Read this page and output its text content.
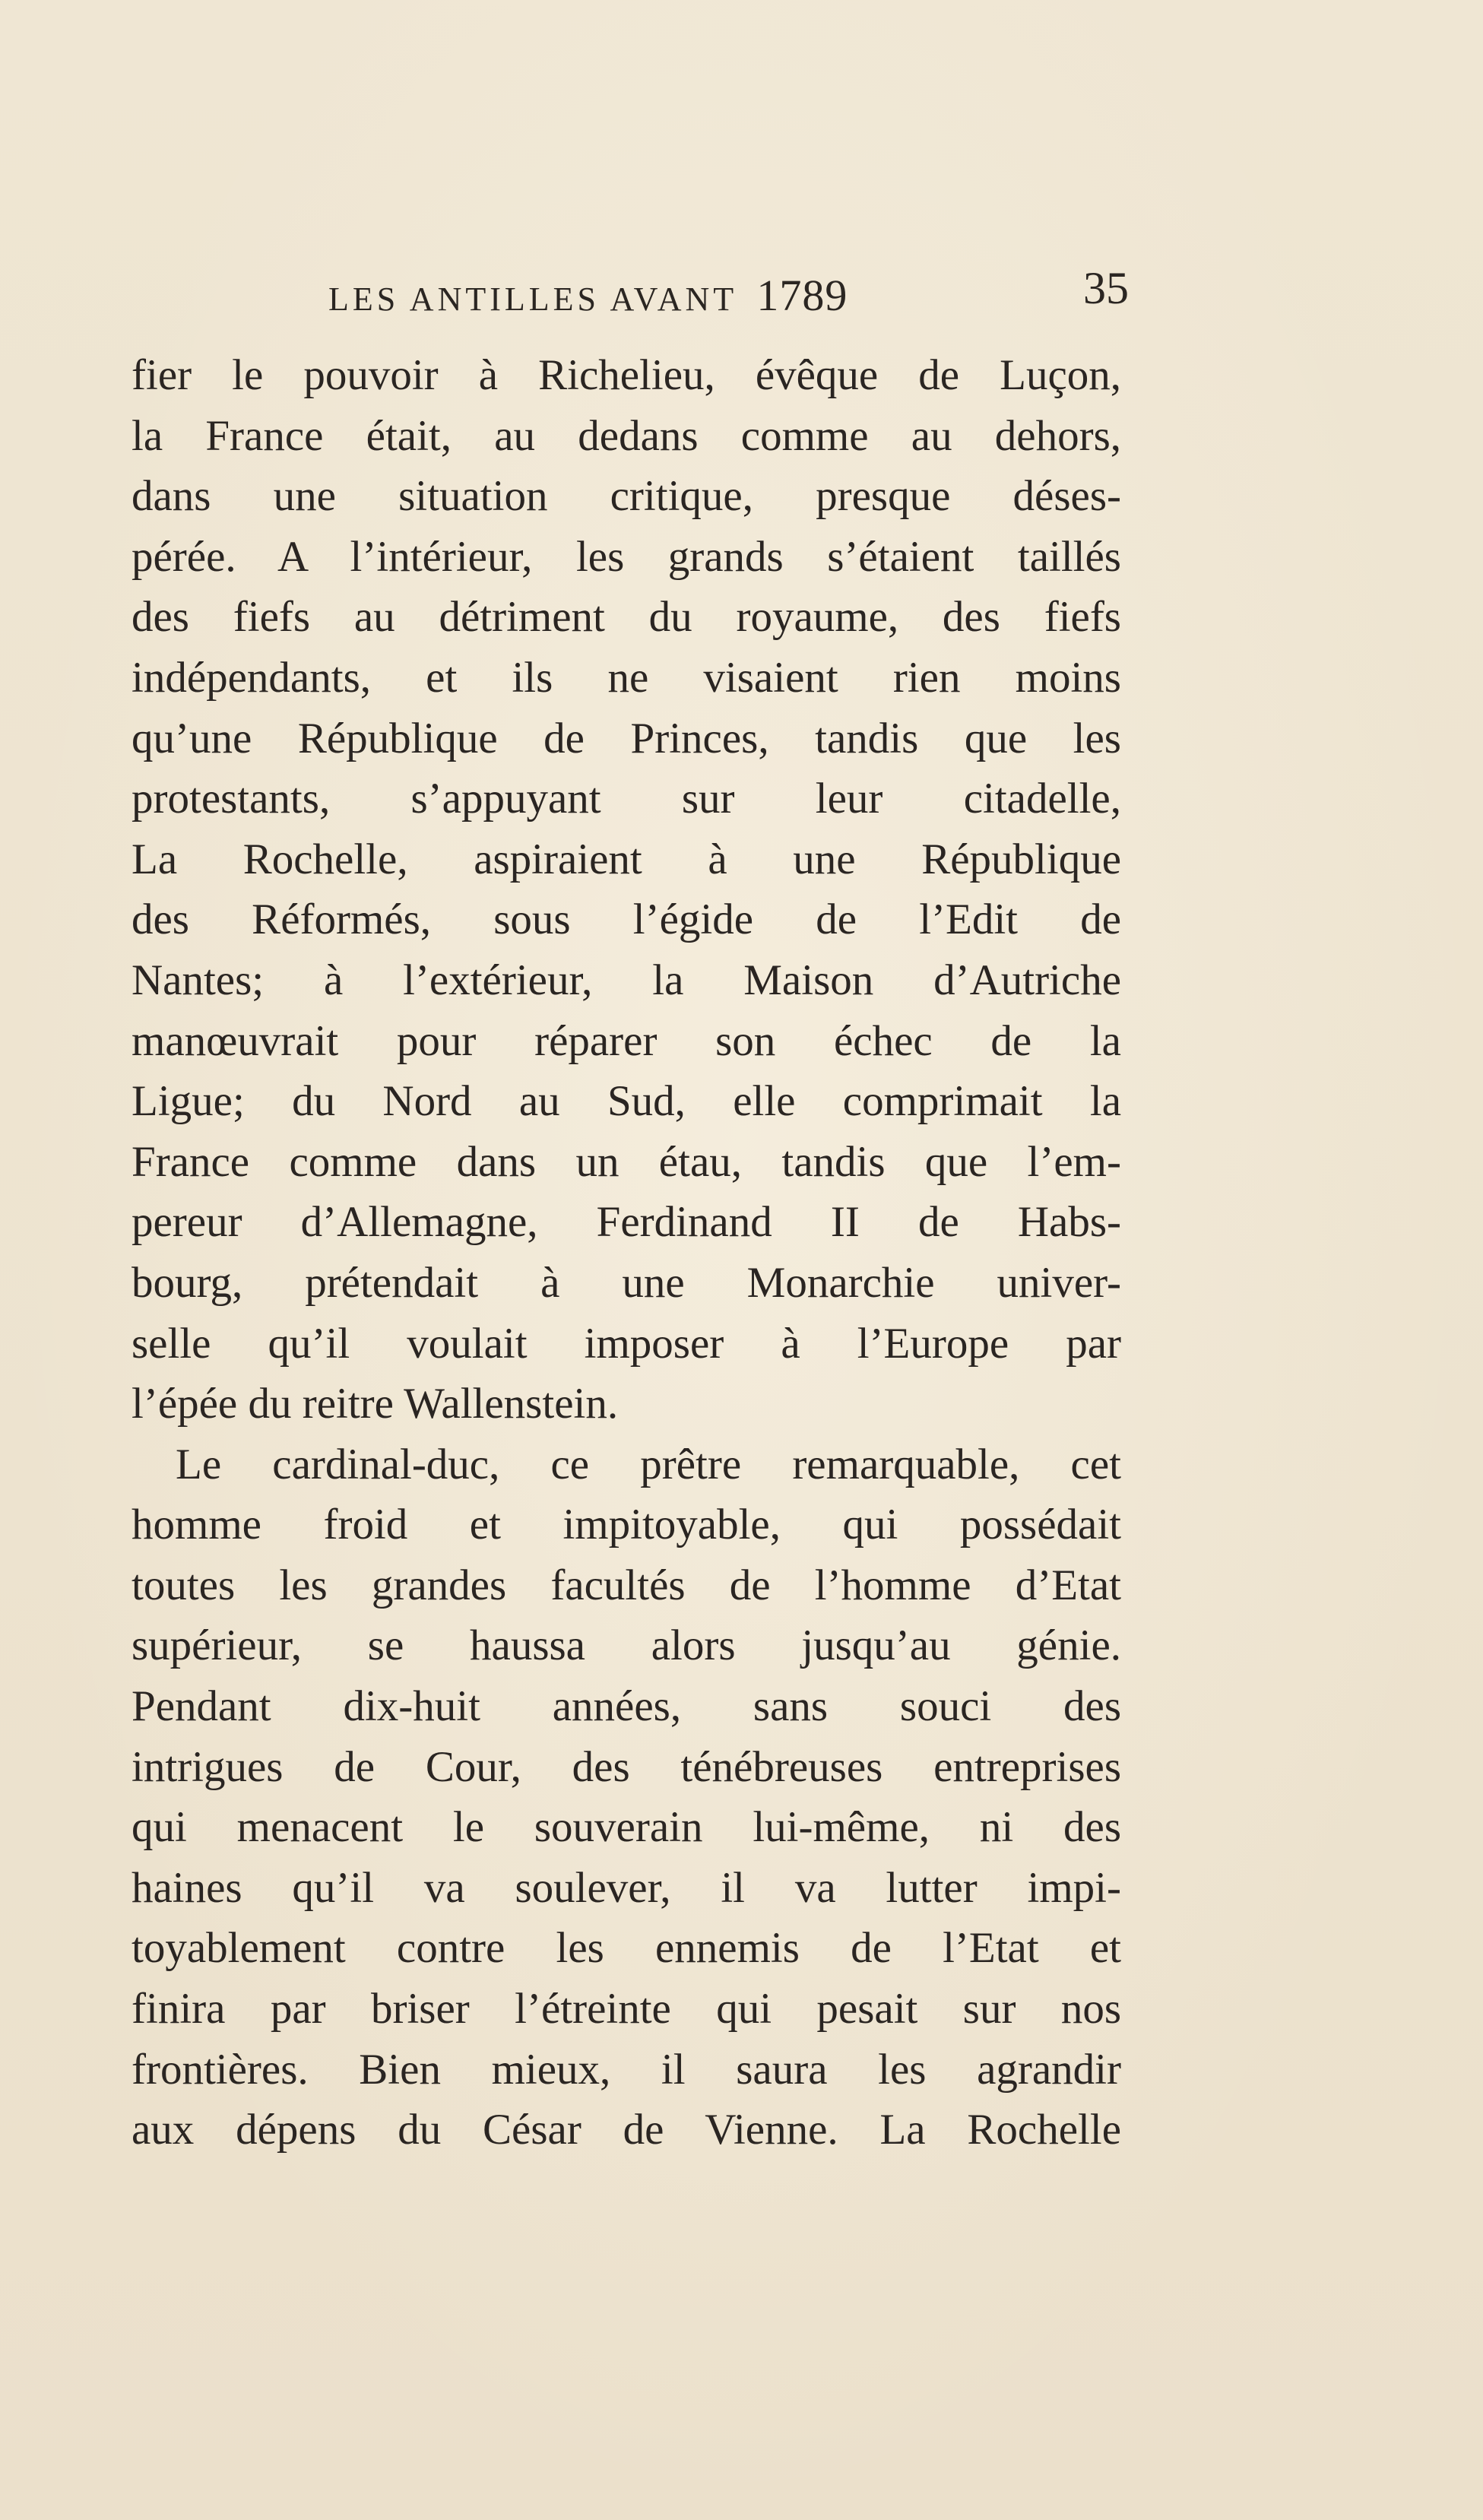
LES ANTILLES AVANT 1789	35
fier le pouvoir à Richelieu, évêque de Luçon,
la France était, au dedans comme au dehors,
dans une situation critique, presque déses-
pérée. A l’intérieur, les grands s’étaient taillés
des fiefs au détriment du royaume, des fiefs
indépendants, et ils ne visaient rien moins
qu’une République de Princes, tandis que les
protestants, s’appuyant sur leur citadelle,
La Rochelle, aspiraient à une République
des Réformés, sous l’égide de l’Edit de
Nantes; à l’extérieur, la Maison d’Autriche
manœuvrait pour réparer son échec de la
Ligue; du Nord au Sud, elle comprimait la
France comme dans un étau, tandis que l’em-
pereur d’Allemagne, Ferdinand II de Habs-
bourg, prétendait à une Monarchie univer-
selle qu’il voulait imposer à l’Europe par
l’épée du reitre Wallenstein.
Le cardinal-duc, ce prêtre remarquable, cet
homme froid et impitoyable, qui possédait
toutes les grandes facultés de l’homme d’Etat
supérieur, se haussa alors jusqu’au génie.
Pendant dix-huit années, sans souci des
intrigues de Cour, des ténébreuses entreprises
qui menacent le souverain lui-même, ni des
haines qu’il va soulever, il va lutter impi-
toyablement contre les ennemis de l’Etat et
finira par briser l’étreinte qui pesait sur nos
frontières. Bien mieux, il saura les agrandir
aux dépens du César de Vienne. La Rochelle
